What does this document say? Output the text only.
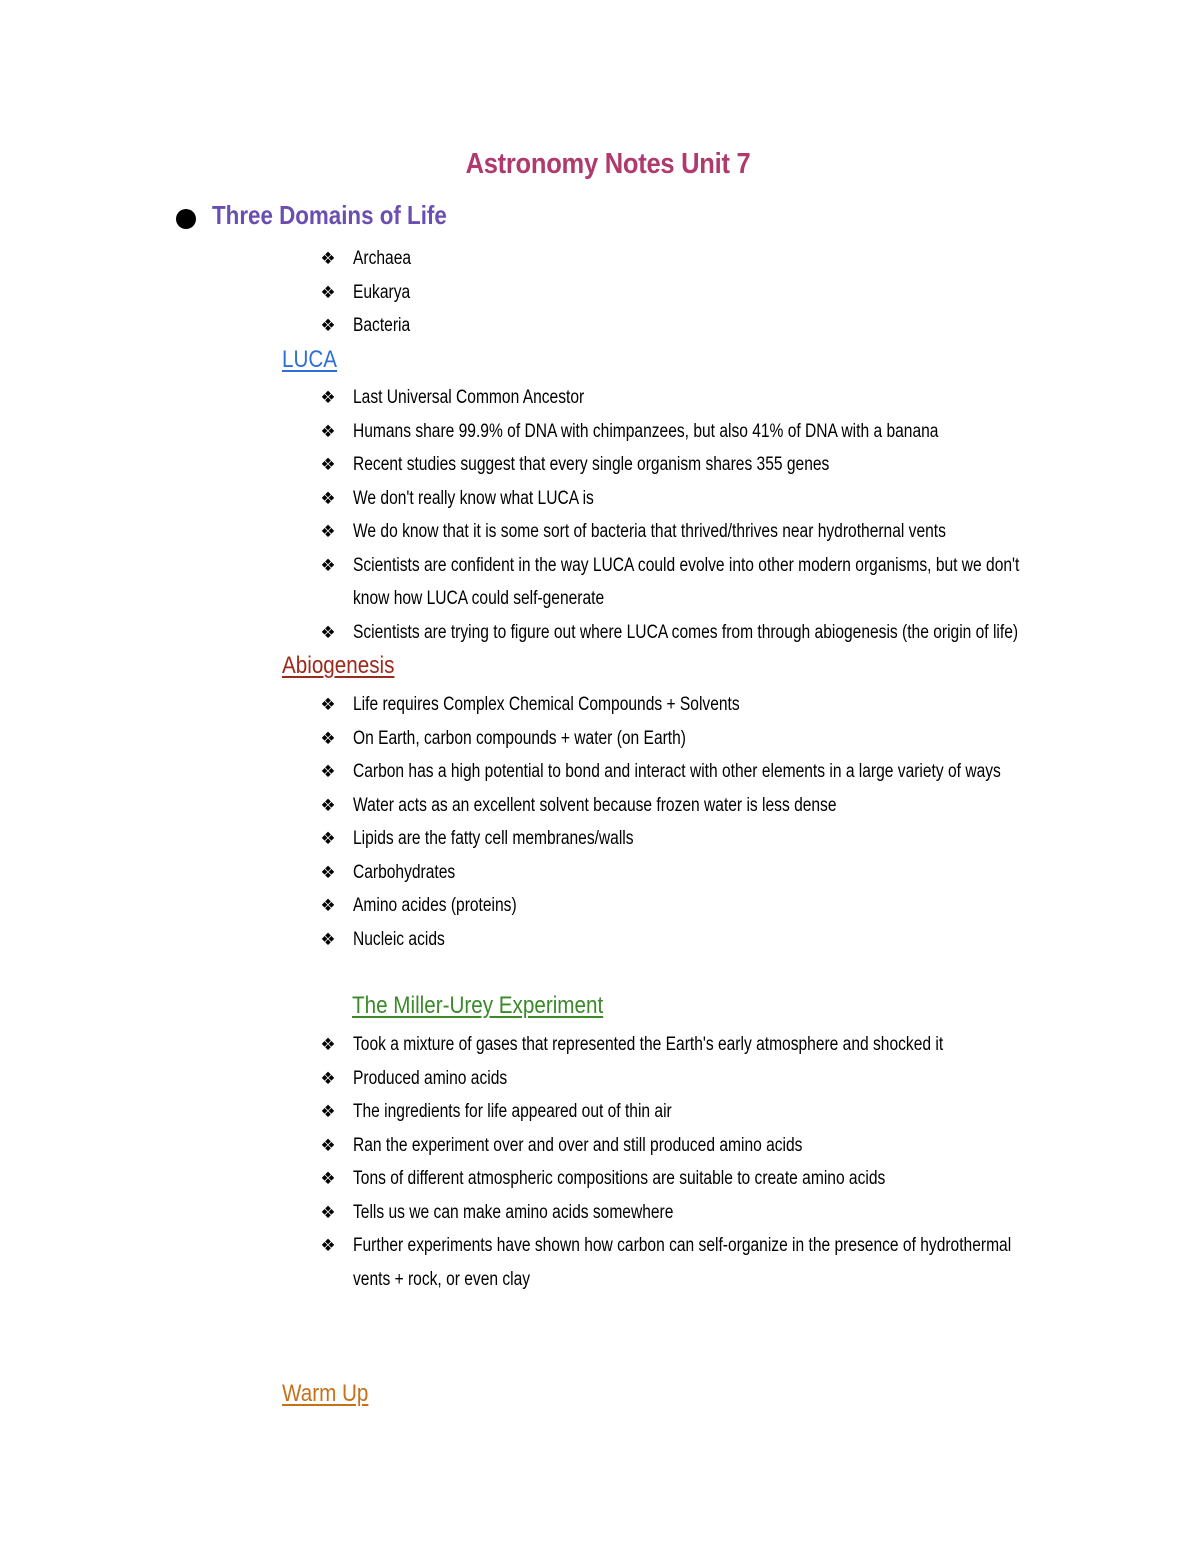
Astronomy Notes Unit 7
Three Domains of Life
❖ Archaea
❖ Eukarya
❖ Bacteria
LUCA
❖ Last Universal Common Ancestor
❖ Humans share 99.9% of DNA with chimpanzees, but also 41% of DNA with a banana
❖ Recent studies suggest that every single organism shares 355 genes
❖ We don't really know what LUCA is
❖ We do know that it is some sort of bacteria that thrived/thrives near hydrothernal vents
❖ Scientists are confident in the way LUCA could evolve into other modern organisms, but we don't
know how LUCA could self-generate
❖ Scientists are trying to figure out where LUCA comes from through abiogenesis (the origin of life)
Abiogenesis
❖ Life requires Complex Chemical Compounds + Solvents
❖ On Earth, carbon compounds + water (on Earth)
❖ Carbon has a high potential to bond and interact with other elements in a large variety of ways
❖ Water acts as an excellent solvent because frozen water is less dense
❖ Lipids are the fatty cell membranes/walls
❖ Carbohydrates
❖ Amino acides (proteins)
❖ Nucleic acids
The Miller-Urey Experiment
❖ Took a mixture of gases that represented the Earth's early atmosphere and shocked it
❖ Produced amino acids
❖ The ingredients for life appeared out of thin air
❖ Ran the experiment over and over and still produced amino acids
❖ Tons of different atmospheric compositions are suitable to create amino acids
❖ Tells us we can make amino acids somewhere
❖ Further experiments have shown how carbon can self-organize in the presence of hydrothermal
vents + rock, or even clay
Warm Up
